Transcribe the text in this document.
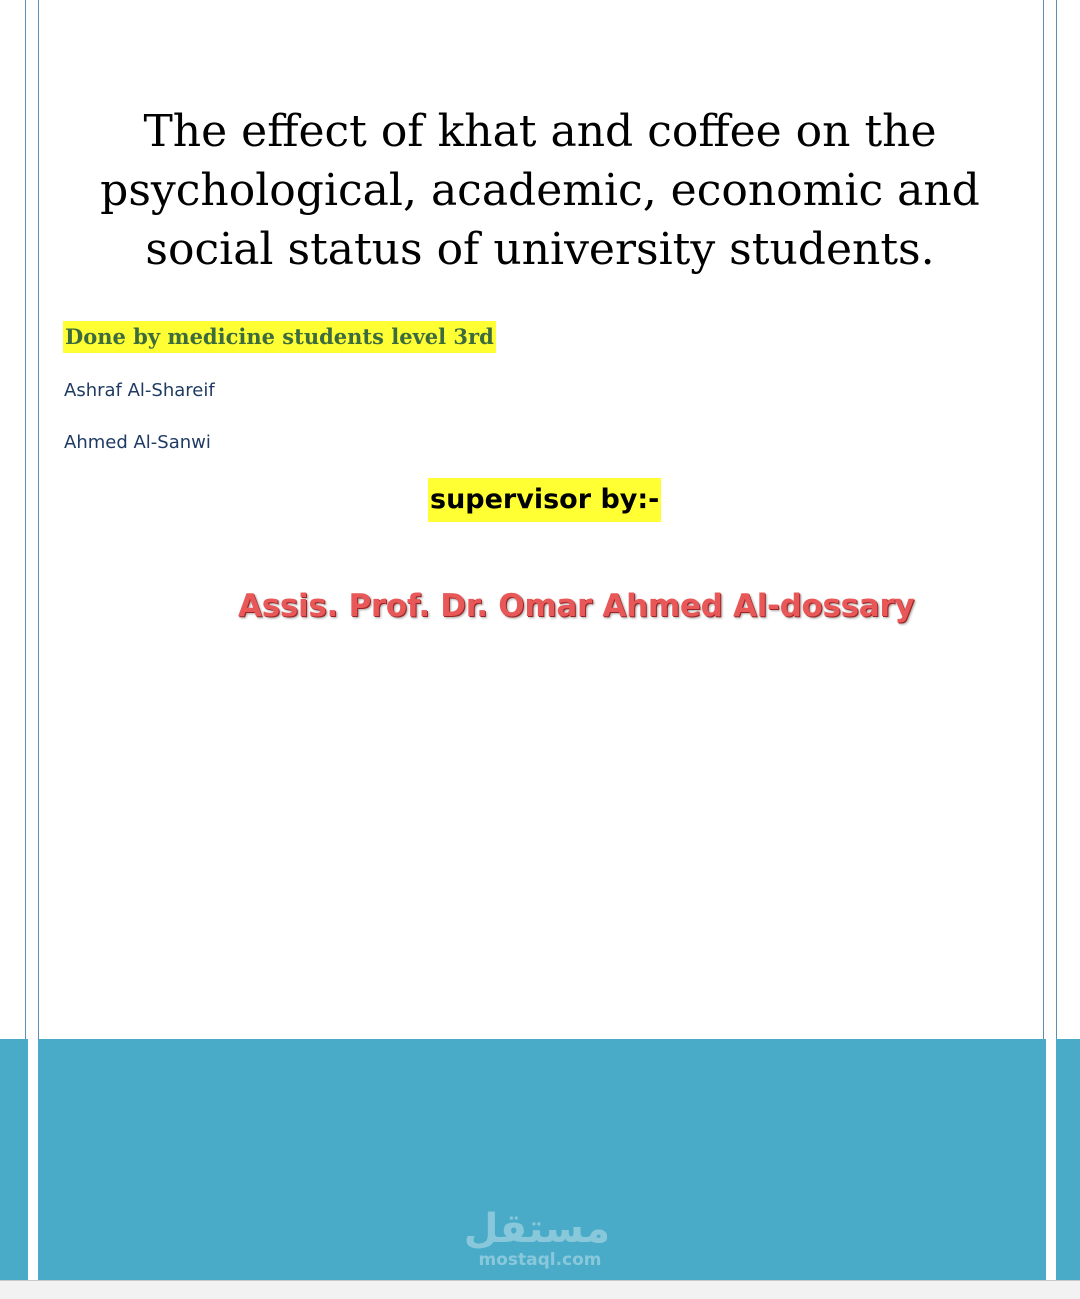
The effect of khat and coffee on the psychological, academic, economic and social status of university students.
Done by medicine students level 3rd
Ashraf Al-Shareif
Ahmed Al-Sanwi
supervisor by:-
Assis. Prof. Dr. Omar Ahmed Al-dossary
مستقل
mostaql.com
